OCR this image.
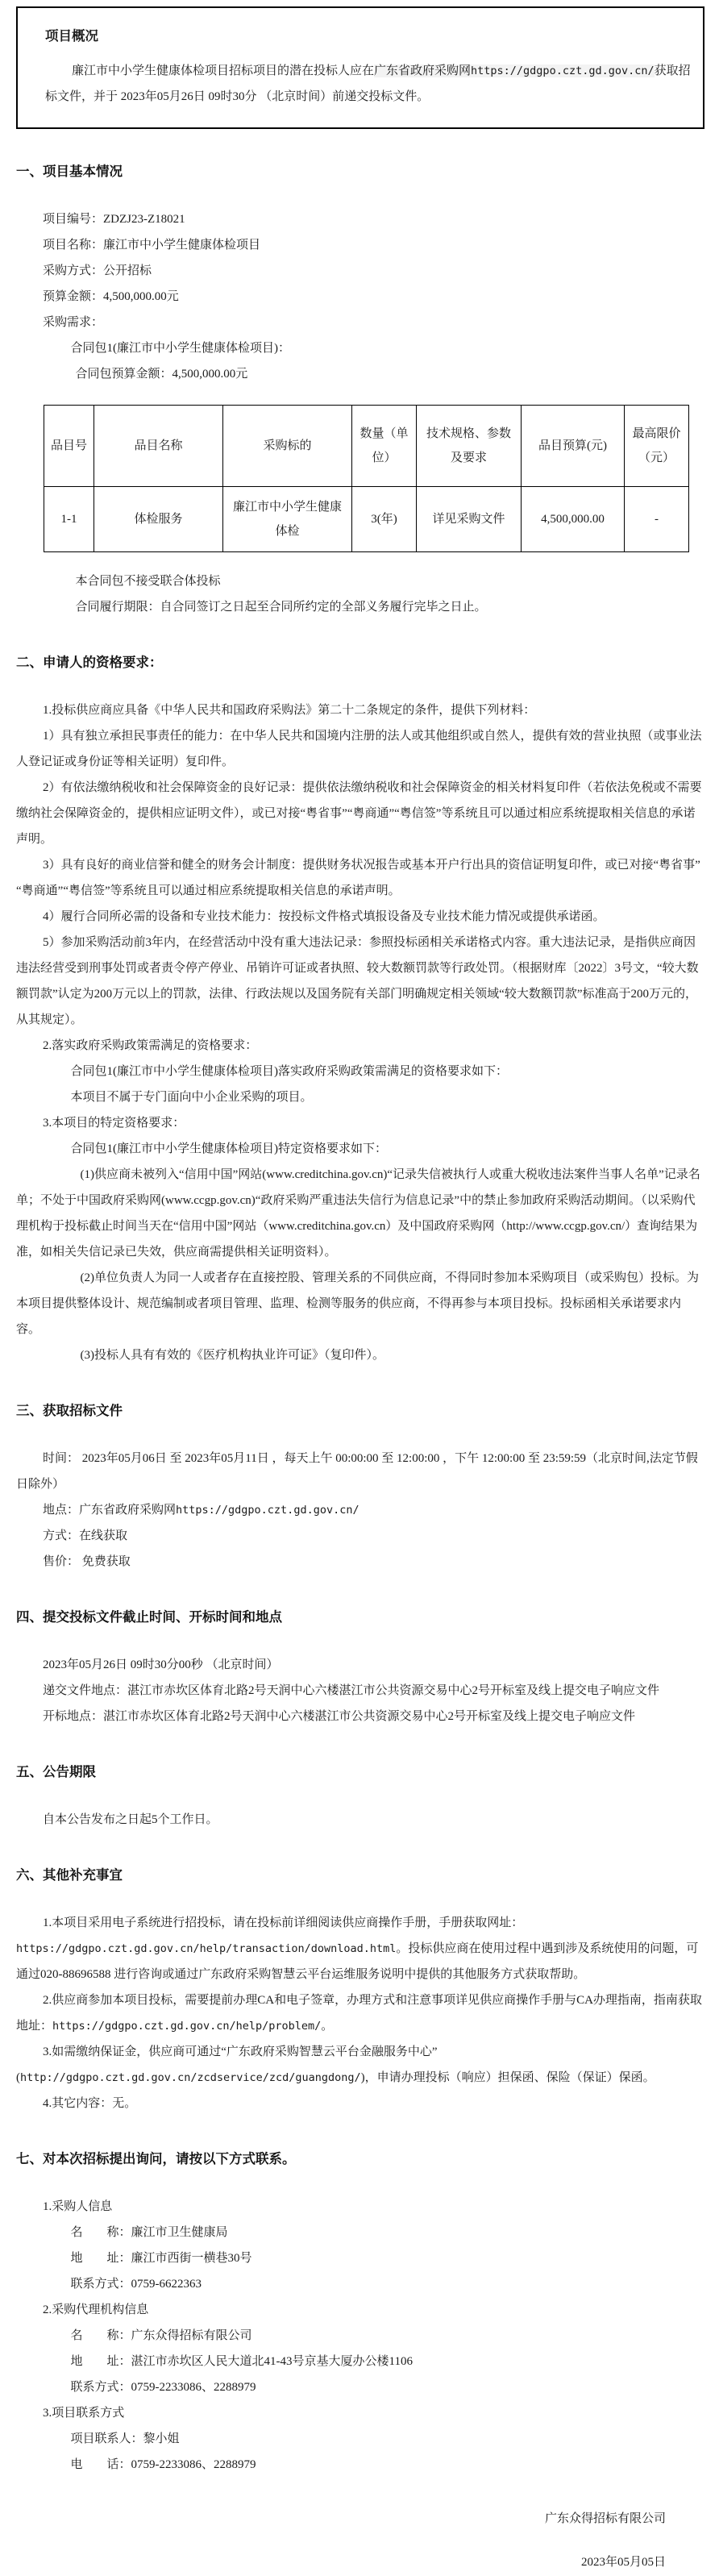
项目概况

廉江市中小学生健康体检项目招标项目的潜在投标人应在广东省政府采购网https://gdgpo.czt.gd.gov.cn/获取招标文件，并于 2023年05月26日 09时30分 （北京时间）前递交投标文件。

一、项目基本情况

项目编号：ZDZJ23-Z18021

项目名称：廉江市中小学生健康体检项目

采购方式：公开招标

预算金额：4,500,000.00元

采购需求：

合同包1(廉江市中小学生健康体检项目)：

合同包预算金额：4,500,000.00元

品目号	品目名称	采购标的	数量（单位）	技术规格、参数及要求	品目预算(元)	最高限价（元）
1-1	体检服务	廉江市中小学生健康体检	3(年)	详见采购文件	4,500,000.00	-

本合同包不接受联合体投标

合同履行期限：自合同签订之日起至合同所约定的全部义务履行完毕之日止。

二、申请人的资格要求：

1.投标供应商应具备《中华人民共和国政府采购法》第二十二条规定的条件，提供下列材料：

1）具有独立承担民事责任的能力：在中华人民共和国境内注册的法人或其他组织或自然人，提供有效的营业执照（或事业法人登记证或身份证等相关证明）复印件。

2）有依法缴纳税收和社会保障资金的良好记录：提供依法缴纳税收和社会保障资金的相关材料复印件（若依法免税或不需要缴纳社会保障资金的，提供相应证明文件），或已对接“粤省事”“粤商通”“粤信签”等系统且可以通过相应系统提取相关信息的承诺声明。

3）具有良好的商业信誉和健全的财务会计制度：提供财务状况报告或基本开户行出具的资信证明复印件，或已对接“粤省事”“粤商通”“粤信签”等系统且可以通过相应系统提取相关信息的承诺声明。

4）履行合同所必需的设备和专业技术能力：按投标文件格式填报设备及专业技术能力情况或提供承诺函。

5）参加采购活动前3年内，在经营活动中没有重大违法记录：参照投标函相关承诺格式内容。重大违法记录，是指供应商因违法经营受到刑事处罚或者责令停产停业、吊销许可证或者执照、较大数额罚款等行政处罚。（根据财库〔2022〕3号文，“较大数额罚款”认定为200万元以上的罚款，法律、行政法规以及国务院有关部门明确规定相关领域“较大数额罚款”标准高于200万元的，从其规定）。

2.落实政府采购政策需满足的资格要求：

合同包1(廉江市中小学生健康体检项目)落实政府采购政策需满足的资格要求如下：

本项目不属于专门面向中小企业采购的项目。

3.本项目的特定资格要求：

合同包1(廉江市中小学生健康体检项目)特定资格要求如下：

(1)供应商未被列入“信用中国”网站(www.creditchina.gov.cn)“记录失信被执行人或重大税收违法案件当事人名单”记录名单；不处于中国政府采购网(www.ccgp.gov.cn)“政府采购严重违法失信行为信息记录”中的禁止参加政府采购活动期间。（以采购代理机构于投标截止时间当天在“信用中国”网站（www.creditchina.gov.cn）及中国政府采购网（http://www.ccgp.gov.cn/）查询结果为准，如相关失信记录已失效，供应商需提供相关证明资料）。

(2)单位负责人为同一人或者存在直接控股、管理关系的不同供应商，不得同时参加本采购项目（或采购包）投标。为本项目提供整体设计、规范编制或者项目管理、监理、检测等服务的供应商，不得再参与本项目投标。投标函相关承诺要求内容。

(3)投标人具有有效的《医疗机构执业许可证》（复印件）。

三、获取招标文件

时间： 2023年05月06日 至 2023年05月11日 ，每天上午 00:00:00 至 12:00:00 ，下午 12:00:00 至 23:59:59（北京时间,法定节假日除外）

地点：广东省政府采购网https://gdgpo.czt.gd.gov.cn/

方式：在线获取

售价： 免费获取

四、提交投标文件截止时间、开标时间和地点

2023年05月26日 09时30分00秒 （北京时间）

递交文件地点：湛江市赤坎区体育北路2号天润中心六楼湛江市公共资源交易中心2号开标室及线上提交电子响应文件

开标地点：湛江市赤坎区体育北路2号天润中心六楼湛江市公共资源交易中心2号开标室及线上提交电子响应文件

五、公告期限

自本公告发布之日起5个工作日。

六、其他补充事宜

1.本项目采用电子系统进行招投标，请在投标前详细阅读供应商操作手册，手册获取网址：https://gdgpo.czt.gd.gov.cn/help/transaction/download.html。投标供应商在使用过程中遇到涉及系统使用的问题，可通过020-88696588 进行咨询或通过广东政府采购智慧云平台运维服务说明中提供的其他服务方式获取帮助。

2.供应商参加本项目投标，需要提前办理CA和电子签章，办理方式和注意事项详见供应商操作手册与CA办理指南，指南获取地址：https://gdgpo.czt.gd.gov.cn/help/problem/。

3.如需缴纳保证金，供应商可通过“广东政府采购智慧云平台金融服务中心”(http://gdgpo.czt.gd.gov.cn/zcdservice/zcd/guangdong/)，申请办理投标（响应）担保函、保险（保证）保函。

4.其它内容：无。

七、对本次招标提出询问，请按以下方式联系。

1.采购人信息

名　　称：廉江市卫生健康局

地　　址：廉江市西街一横巷30号

联系方式：0759-6622363

2.采购代理机构信息

名　　称：广东众得招标有限公司

地　　址：湛江市赤坎区人民大道北41-43号京基大厦办公楼1106

联系方式：0759-2233086、2288979

3.项目联系方式

项目联系人：黎小姐

电　　话：0759-2233086、2288979

广东众得招标有限公司

2023年05月05日
